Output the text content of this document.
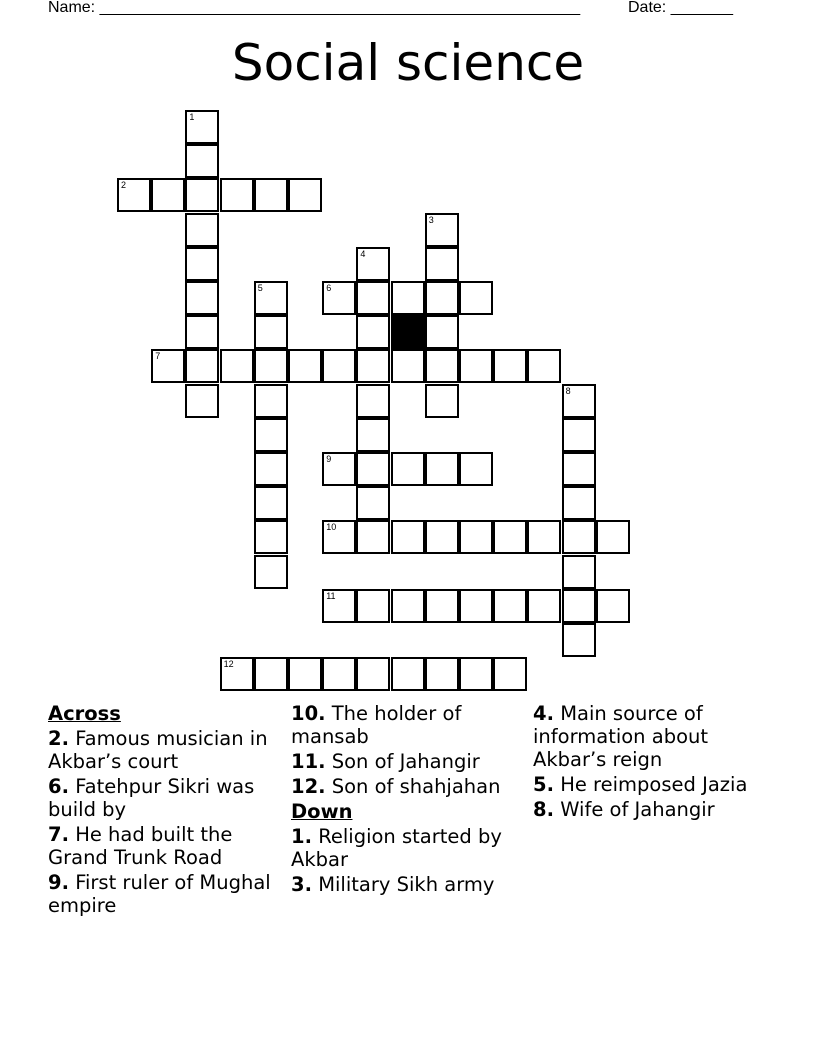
Name: ______________________________________________________	Date: _______
Social science
1
2
3
4
5	6
7
8
9
10
11
12
Across
2. Famous musician in Akbar’s court
6. Fatehpur Sikri was build by
7. He had built the Grand Trunk Road
9. First ruler of Mughal empire
10. The holder of mansab
11. Son of Jahangir
12. Son of shahjahan
Down
1. Religion started by Akbar
3. Military Sikh army
4. Main source of information about Akbar’s reign
5. He reimposed Jazia
8. Wife of Jahangir
